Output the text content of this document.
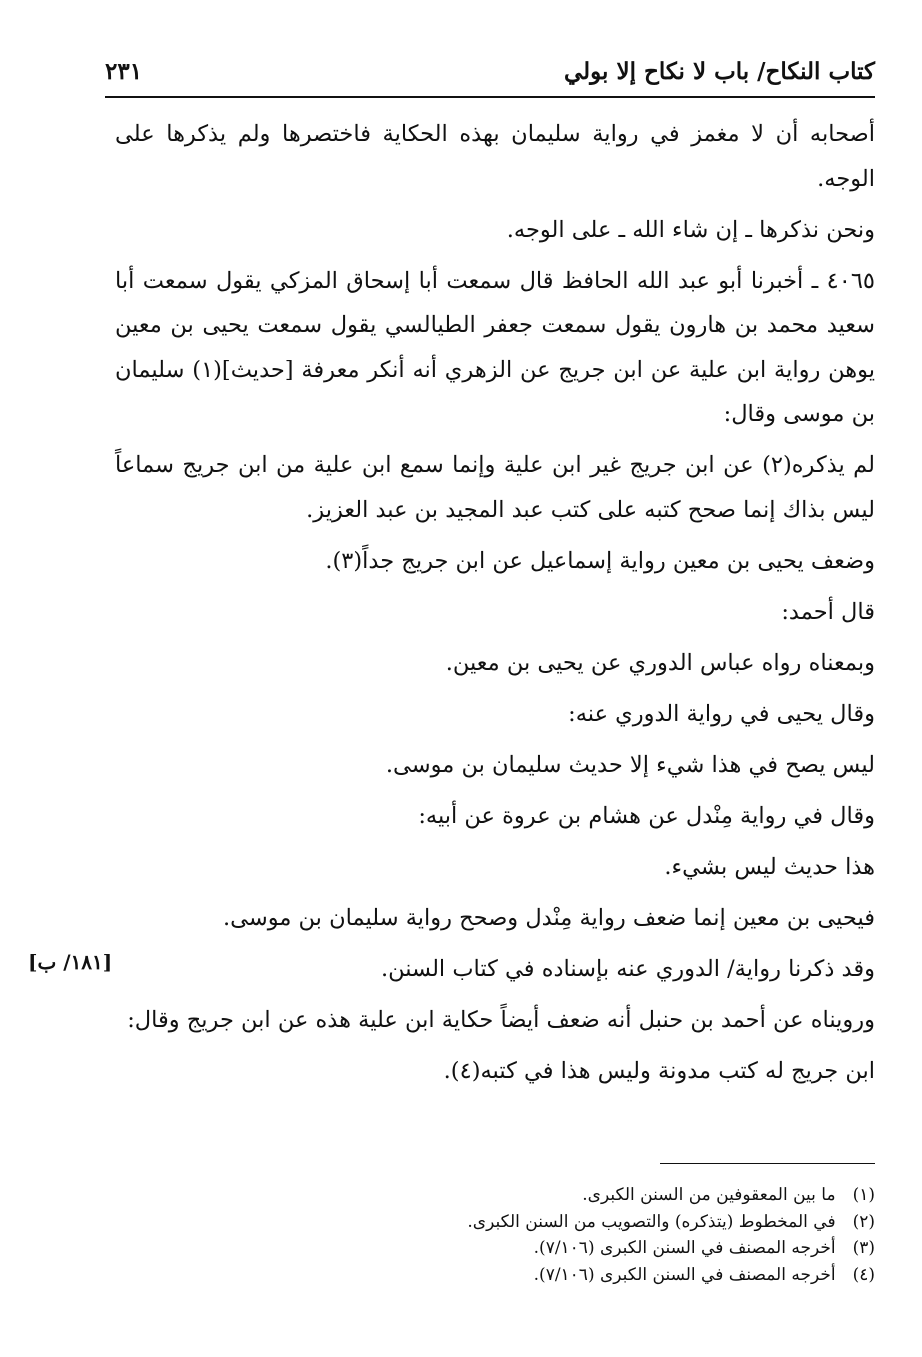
كتاب النكاح/ باب لا نكاح إلا بولي
٢٣١

أصحابه أن لا مغمز في رواية سليمان بهذه الحكاية فاختصرها ولم يذكرها على الوجه.

ونحن نذكرها ـ إن شاء الله ـ على الوجه.

٤٠٦٥ ـ أخبرنا أبو عبد الله الحافظ قال سمعت أبا إسحاق المزكي يقول سمعت أبا سعيد محمد بن هارون يقول سمعت جعفر الطيالسي يقول سمعت يحيى بن معين يوهن رواية ابن علية عن ابن جريج عن الزهري أنه أنكر معرفة [حديث](١) سليمان بن موسى وقال:

لم يذكره(٢) عن ابن جريج غير ابن علية وإنما سمع ابن علية من ابن جريج سماعاً ليس بذاك إنما صحح كتبه على كتب عبد المجيد بن عبد العزيز.

وضعف يحيى بن معين رواية إسماعيل عن ابن جريج جداً(٣).

قال أحمد:

وبمعناه رواه عباس الدوري عن يحيى بن معين.

وقال يحيى في رواية الدوري عنه:

ليس يصح في هذا شيء إلا حديث سليمان بن موسى.

وقال في رواية مِنْدل عن هشام بن عروة عن أبيه:

هذا حديث ليس بشيء.

فيحيى بن معين إنما ضعف رواية مِنْدل وصحح رواية سليمان بن موسى.

وقد ذكرنا رواية/ الدوري عنه بإسناده في كتاب السنن.

ورويناه عن أحمد بن حنبل أنه ضعف أيضاً حكاية ابن علية هذه عن ابن جريج وقال:

ابن جريج له كتب مدونة وليس هذا في كتبه(٤).

[١٨١/ ب]
(١) ما بين المعقوفين من السنن الكبرى.
(٢) في المخطوط (يتذكره) والتصويب من السنن الكبرى.
(٣) أخرجه المصنف في السنن الكبرى (٧/١٠٦).
(٤) أخرجه المصنف في السنن الكبرى (٧/١٠٦).
